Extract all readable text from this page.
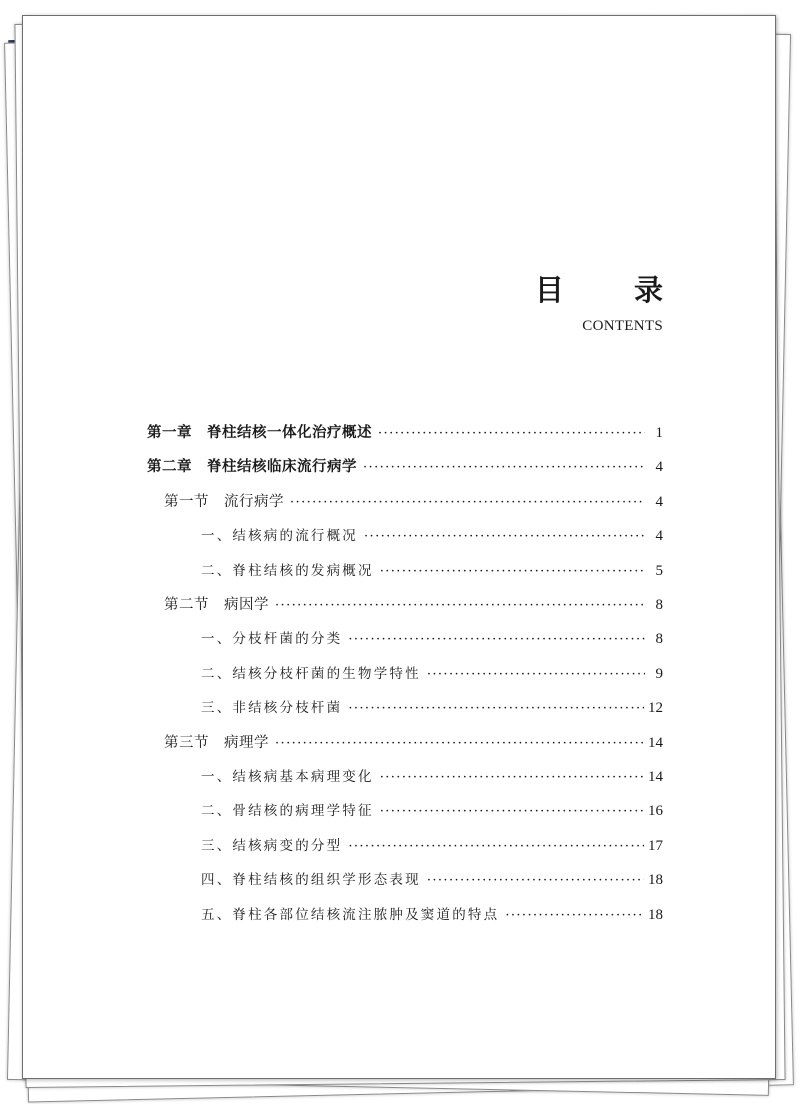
目 录
CONTENTS
第一章　脊柱结核一体化治疗概述 ·····	1
第二章　脊柱结核临床流行病学 ·····	4
第一节　流行病学 ·····	4
一、结核病的流行概况 ·····	4
二、脊柱结核的发病概况 ·····	5
第二节　病因学 ·····	8
一、分枝杆菌的分类 ·····	8
二、结核分枝杆菌的生物学特性 ·····	9
三、非结核分枝杆菌 ·····	12
第三节　病理学 ·····	14
一、结核病基本病理变化 ·····	14
二、骨结核的病理学特征 ·····	16
三、结核病变的分型 ·····	17
四、脊柱结核的组织学形态表现 ·····	18
五、脊柱各部位结核流注脓肿及窦道的特点 ·····	18
